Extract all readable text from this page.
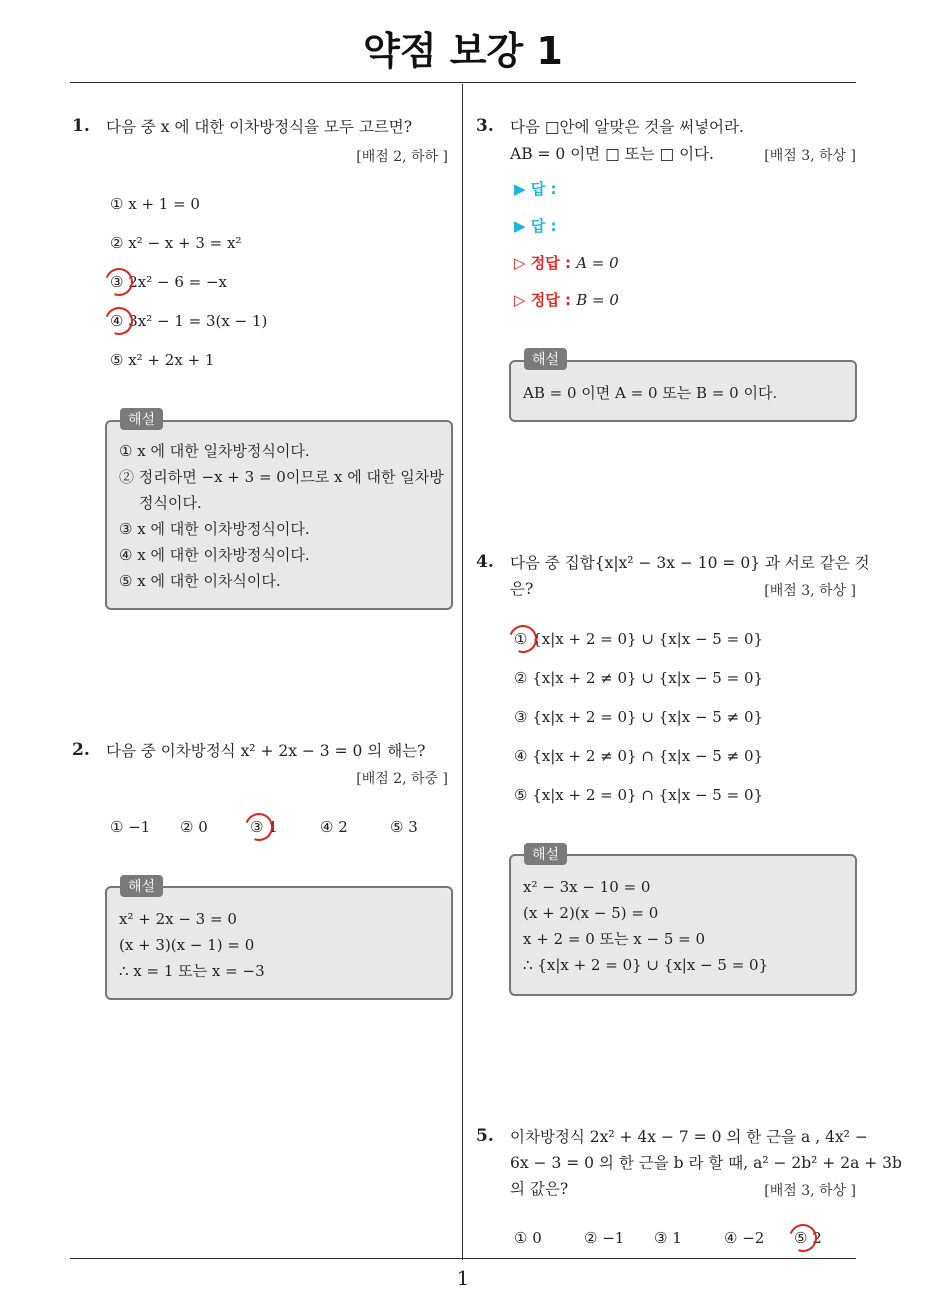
약점 보강 1
1
1. 다음 중 x 에 대한 이차방정식을 모두 고르면?
[배점 2, 하하 ]
① x + 1 = 0
② x² − x + 3 = x²
③ 2x² − 6 = −x
④ 3x² − 1 = 3(x − 1)
⑤ x² + 2x + 1
① x 에 대한 일차방정식이다.
② 정리하면 −x + 3 = 0이므로 x 에 대한 일차방
정식이다.
③ x 에 대한 이차방정식이다.
④ x 에 대한 이차방정식이다.
⑤ x 에 대한 이차식이다.
해설
2. 다음 중 이차방정식 x² + 2x − 3 = 0 의 해는?
[배점 2, 하중 ]
① −1 ② 0	③ 1	④ 2	⑤ 3
x² + 2x − 3 = 0
(x + 3)(x − 1) = 0
∴ x = 1 또는 x = −3
해설
3. 다음 □안에 알맞은 것을 써넣어라.
AB = 0 이면 □ 또는 □ 이다.	[배점 3, 하상 ]
▶ 답 :
▶ 답 :
▷ 정답 : A = 0
▷ 정답 : B = 0
AB = 0 이면 A = 0 또는 B = 0 이다.
해설
4. 다음 중 집합{x|x² − 3x − 10 = 0} 과 서로 같은 것
은?	[배점 3, 하상 ]
① {x|x + 2 = 0} ∪ {x|x − 5 = 0}
② {x|x + 2 ≠ 0} ∪ {x|x − 5 = 0}
③ {x|x + 2 = 0} ∪ {x|x − 5 ≠ 0}
④ {x|x + 2 ≠ 0} ∩ {x|x − 5 ≠ 0}
⑤ {x|x + 2 = 0} ∩ {x|x − 5 = 0}
x² − 3x − 10 = 0
(x + 2)(x − 5) = 0
x + 2 = 0 또는 x − 5 = 0
∴ {x|x + 2 = 0} ∪ {x|x − 5 = 0}
해설
5. 이차방정식 2x² + 4x − 7 = 0 의 한 근을 a , 4x² −
6x − 3 = 0 의 한 근을 b 라 할 때, a² − 2b² + 2a + 3b
의 값은?	[배점 3, 하상 ]
① 0	② −1 ③ 1	④ −2 ⑤ 2
